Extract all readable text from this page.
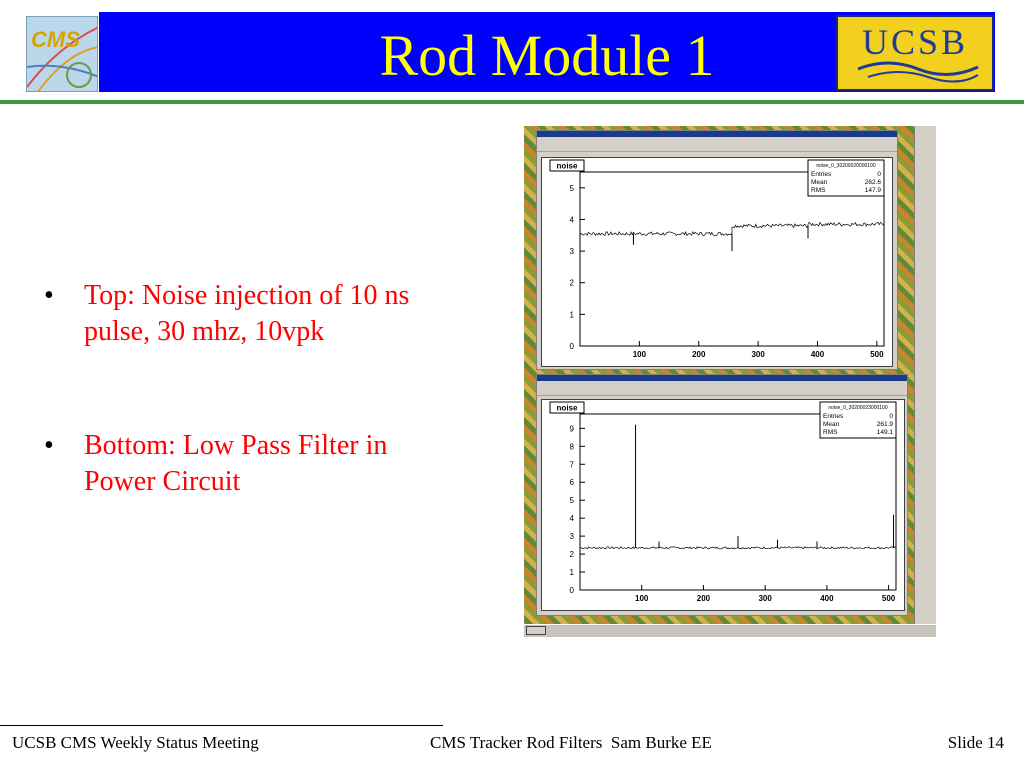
Rod Module 1
CMS	UCSB
• Top: Noise injection of 10 ns pulse, 30 mhz, 10vpk
• Bottom: Low Pass Filter in Power Circuit
0
1
2
3
4
5
100	200	300	400	500
noise	noise_0_30200020000100
Entries	0
Mean	262.6
RMS	147.9
0
1
2
3
4
5
6
7
8
9
100	200	300	400	500
noise	noise_0_30200023000100
Entries	0
Mean	261.9
RMS	149.1
UCSB CMS Weekly Status Meeting	CMS Tracker Rod Filters  Sam Burke EE	Slide 14
